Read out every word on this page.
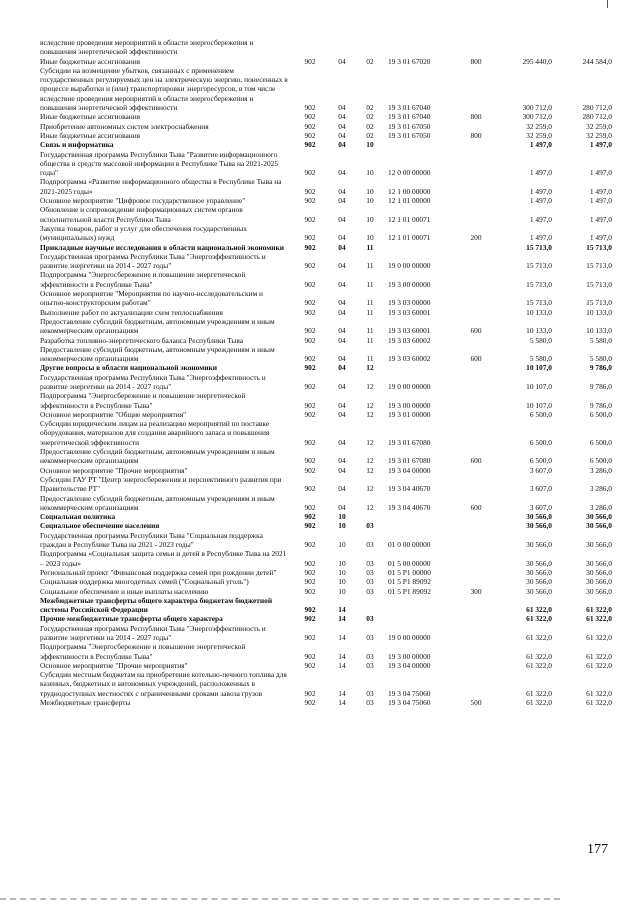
вследствие проведения мероприятий в области энергосбережения и повышения энергетической эффективности							
Иные бюджетные ассигнования	902	04	02	19 3 01 67020	800	295 440,0	244 584,0
Субсидии на возмещение убытков, связанных с применением государственных регулируемых цен на электрическую энергию, понесенных в процессе выработки и (или) транспортировки энергоресурсов, в том числе вследствие проведения мероприятий в области энергосбережения и повышения энергетической эффективности	902	04	02	19 3 01 67040		300 712,0	280 712,0
Иные бюджетные ассигнования	902	04	02	19 3 01 67040	800	300 712,0	280 712,0
Приобретение автономных систем электроснабжения	902	04	02	19 3 01 67050		32 259,0	32 259,0
Иные бюджетные ассигнования	902	04	02	19 3 01 67050	800	32 259,0	32 259,0
Связь и информатика	902	04	10			1 497,0	1 497,0
Государственная программа Республики Тыва "Развитие информационного общества и средств массовой информации в Республике Тыва на 2021-2025 годы"	902	04	10	12 0 00 00000		1 497,0	1 497,0
Подпрограмма «Развитие информационного общества в Республике Тыва на 2021-2025 годы»	902	04	10	12 1 00 00000		1 497,0	1 497,0
Основное мероприятие "Цифровое государственное управление"	902	04	10	12 1 01 00000		1 497,0	1 497,0
Обновление и сопровождение информационных систем органов исполнительной власти Республики Тыва	902	04	10	12 1 01 00071		1 497,0	1 497,0
Закупка товаров, работ и услуг для обеспечения государственных (муниципальных) нужд	902	04	10	12 1 01 00071	200	1 497,0	1 497,0
Прикладные научные исследования в области национальной экономики	902	04	11			15 713,0	15 713,0
Государственная программа Республики Тыва "Энергоэффективность и развитие энергетики на 2014 - 2027 годы"	902	04	11	19 0 00 00000		15 713,0	15 713,0
Подпрограмма "Энергосбережение и повышение энергетической эффективности в Республике Тыва"	902	04	11	19 3 00 00000		15 713,0	15 713,0
Основное мероприятие "Мероприятия по научно-исследовательским и опытно-конструкторским работам"	902	04	11	19 3 03 00000		15 713,0	15 713,0
Выполнение работ по актуализации схем теплоснабжения	902	04	11	19 3 03 60001		10 133,0	10 133,0
Предоставление субсидий бюджетным, автономным учреждениям и иным некоммерческим организациям	902	04	11	19 3 03 60001	600	10 133,0	10 133,0
Разработка топливно-энергетического баланса Республики Тыва	902	04	11	19 3 03 60002		5 580,0	5 580,0
Предоставление субсидий бюджетным, автономным учреждениям и иным некоммерческим организациям	902	04	11	19 3 03 60002	600	5 580,0	5 580,0
Другие вопросы в области национальной экономики	902	04	12			10 107,0	9 786,0
Государственная программа Республики Тыва "Энергоэффективность и развитие энергетики на 2014 - 2027 годы"	902	04	12	19 0 00 00000		10 107,0	9 786,0
Подпрограмма "Энергосбережение и повышение энергетической эффективности в Республике Тыва"	902	04	12	19 3 00 00000		10 107,0	9 786,0
Основное мероприятие "Общие мероприятия"	902	04	12	19 3 01 00000		6 500,0	6 500,0
Субсидии юридическим лицам на реализацию мероприятий по поставке оборудования, материалов для создания аварийного запаса и повышения энергетической эффективности	902	04	12	19 3 01 67080		6 500,0	6 500,0
Предоставление субсидий бюджетным, автономным учреждениям и иным некоммерческим организациям	902	04	12	19 3 01 67080	600	6 500,0	6 500,0
Основное мероприятие "Прочие мероприятия"	902	04	12	19 3 04 00000		3 607,0	3 286,0
Субсидии ГАУ РТ "Центр энергосбережения и перспективного развития при Правительстве РТ"	902	04	12	19 3 04 40670		3 607,0	3 286,0
Предоставление субсидий бюджетным, автономным учреждениям и иным некоммерческим организациям	902	04	12	19 3 04 40670	600	3 607,0	3 286,0
Социальная политика	902	10				30 566,0	30 566,0
Социальное обеспечение населения	902	10	03			30 566,0	30 566,0
Государственная программа Республики Тыва "Социальная поддержка граждан в Республике Тыва на 2021 - 2023 годы"	902	10	03	01 0 00 00000		30 566,0	30 566,0
Подпрограмма «Социальная защита семьи и детей в Республике Тыва на 2021 – 2023 годы»	902	10	03	01 5 00 00000		30 566,0	30 566,0
Региональный проект "Финансовая поддержка семей при рождении детей"	902	10	03	01 5 P1 00000		30 566,0	30 566,0
Социальная поддержка многодетных семей ("Социальный уголь")	902	10	03	01 5 P1 89092		30 566,0	30 566,0
Социальное обеспечение и иные выплаты населению	902	10	03	01 5 P1 89092	300	30 566,0	30 566,0
Межбюджетные трансферты общего характера бюджетам бюджетной системы Российской Федерации	902	14				61 322,0	61 322,0
Прочие межбюджетные трансферты общего характера	902	14	03			61 322,0	61 322,0
Государственная программа Республики Тыва "Энергоэффективность и развитие энергетики на 2014 - 2027 годы"	902	14	03	19 0 00 00000		61 322,0	61 322,0
Подпрограмма "Энергосбережение и повышение энергетической эффективности в Республике Тыва"	902	14	03	19 3 00 00000		61 322,0	61 322,0
Основное мероприятие "Прочие мероприятия"	902	14	03	19 3 04 00000		61 322,0	61 322,0
Субсидии местным бюджетам на приобретение котельно-печного топлива для казенных, бюджетных и автономных учреждений, расположенных в труднодоступных местностях с ограниченными сроками завоза грузов	902	14	03	19 3 04 75060		61 322,0	61 322,0
Межбюджетные трансферты	902	14	03	19 3 04 75060	500	61 322,0	61 322,0
177
